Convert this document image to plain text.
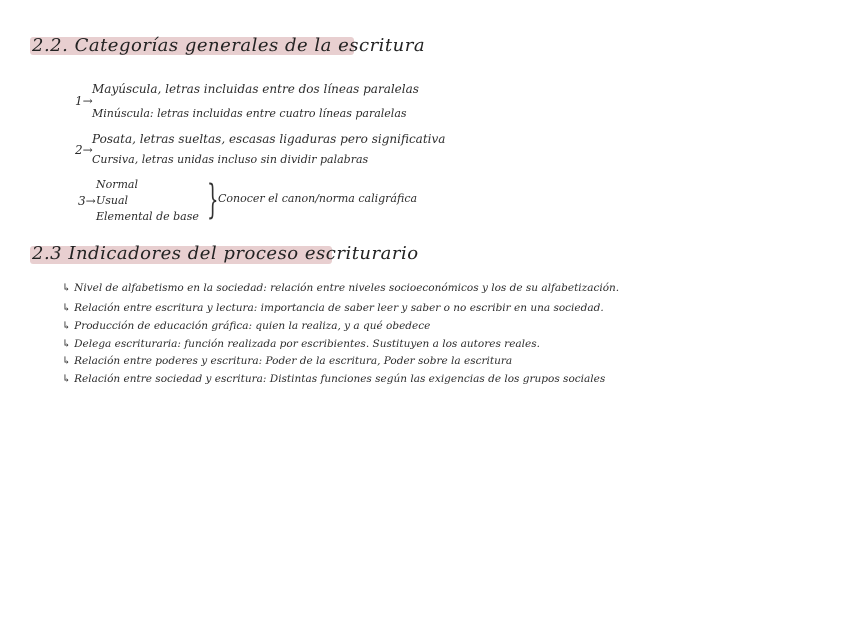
2.2. Categorías generales de la escritura
1→
Mayúscula, letras incluidas entre dos líneas paralelas
Minúscula: letras incluidas entre cuatro líneas paralelas
2→
Posata, letras sueltas, escasas ligaduras pero significativa
Cursiva, letras unidas incluso sin dividir palabras
Normal
3→ Usual
Elemental de base } Conocer el canon/norma caligráfica
2.3 Indicadores del proceso escriturario
↳ Nivel de alfabetismo en la sociedad: relación entre niveles socioeconómicos y los de su alfabetización.
↳ Relación entre escritura y lectura: importancia de saber leer y saber o no escribir en una sociedad.
↳ Producción de educación gráfica: quien la realiza, y a qué obedece
↳ Delega escrituraria: función realizada por escribientes. Sustituyen a los autores reales.
↳ Relación entre poderes y escritura: Poder de la escritura, Poder sobre la escritura
↳ Relación entre sociedad y escritura: Distintas funciones según las exigencias de los grupos sociales
